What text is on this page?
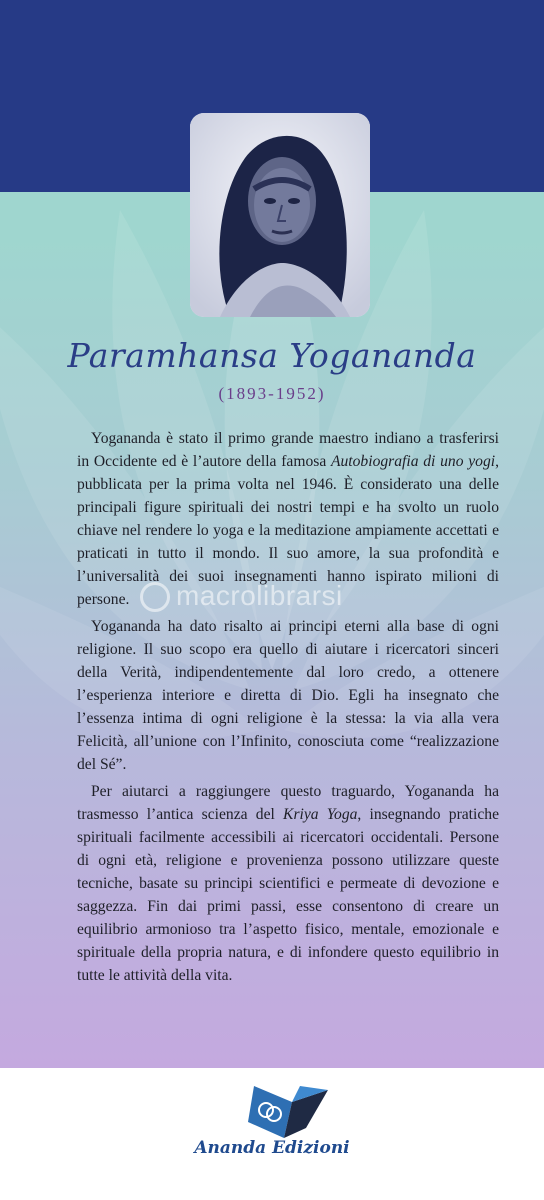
Paramhansa Yogananda
(1893-1952)

Yogananda è stato il primo grande maestro indiano a trasferirsi in Occidente ed è l’autore della famosa Autobiografia di uno yogi, pubblicata per la prima volta nel 1946. È considerato una delle principali figure spirituali dei nostri tempi e ha svolto un ruolo chiave nel rendere lo yoga e la meditazione ampiamente accettati e praticati in tutto il mondo. Il suo amore, la sua profondità e l’universalità dei suoi insegnamenti hanno ispirato milioni di persone.

Yogananda ha dato risalto ai principi eterni alla base di ogni religione. Il suo scopo era quello di aiutare i ricercatori sinceri della Verità, indipendentemente dal loro credo, a ottenere l’esperienza interiore e diretta di Dio. Egli ha insegnato che l’essenza intima di ogni religione è la stessa: la via alla vera Felicità, all’unione con l’Infinito, conosciuta come “realizzazione del Sé”.

Per aiutarci a raggiungere questo traguardo, Yogananda ha trasmesso l’antica scienza del Kriya Yoga, insegnando pratiche spirituali facilmente accessibili ai ricercatori occidentali. Persone di ogni età, religione e provenienza possono utilizzare queste tecniche, basate su principi scientifici e permeate di devozione e saggezza. Fin dai primi passi, esse consentono di creare un equilibrio armonioso tra l’aspetto fisico, mentale, emozionale e spirituale della propria natura, e di infondere questo equilibrio in tutte le attività della vita.

macrolibrarsi
Ananda Edizioni
